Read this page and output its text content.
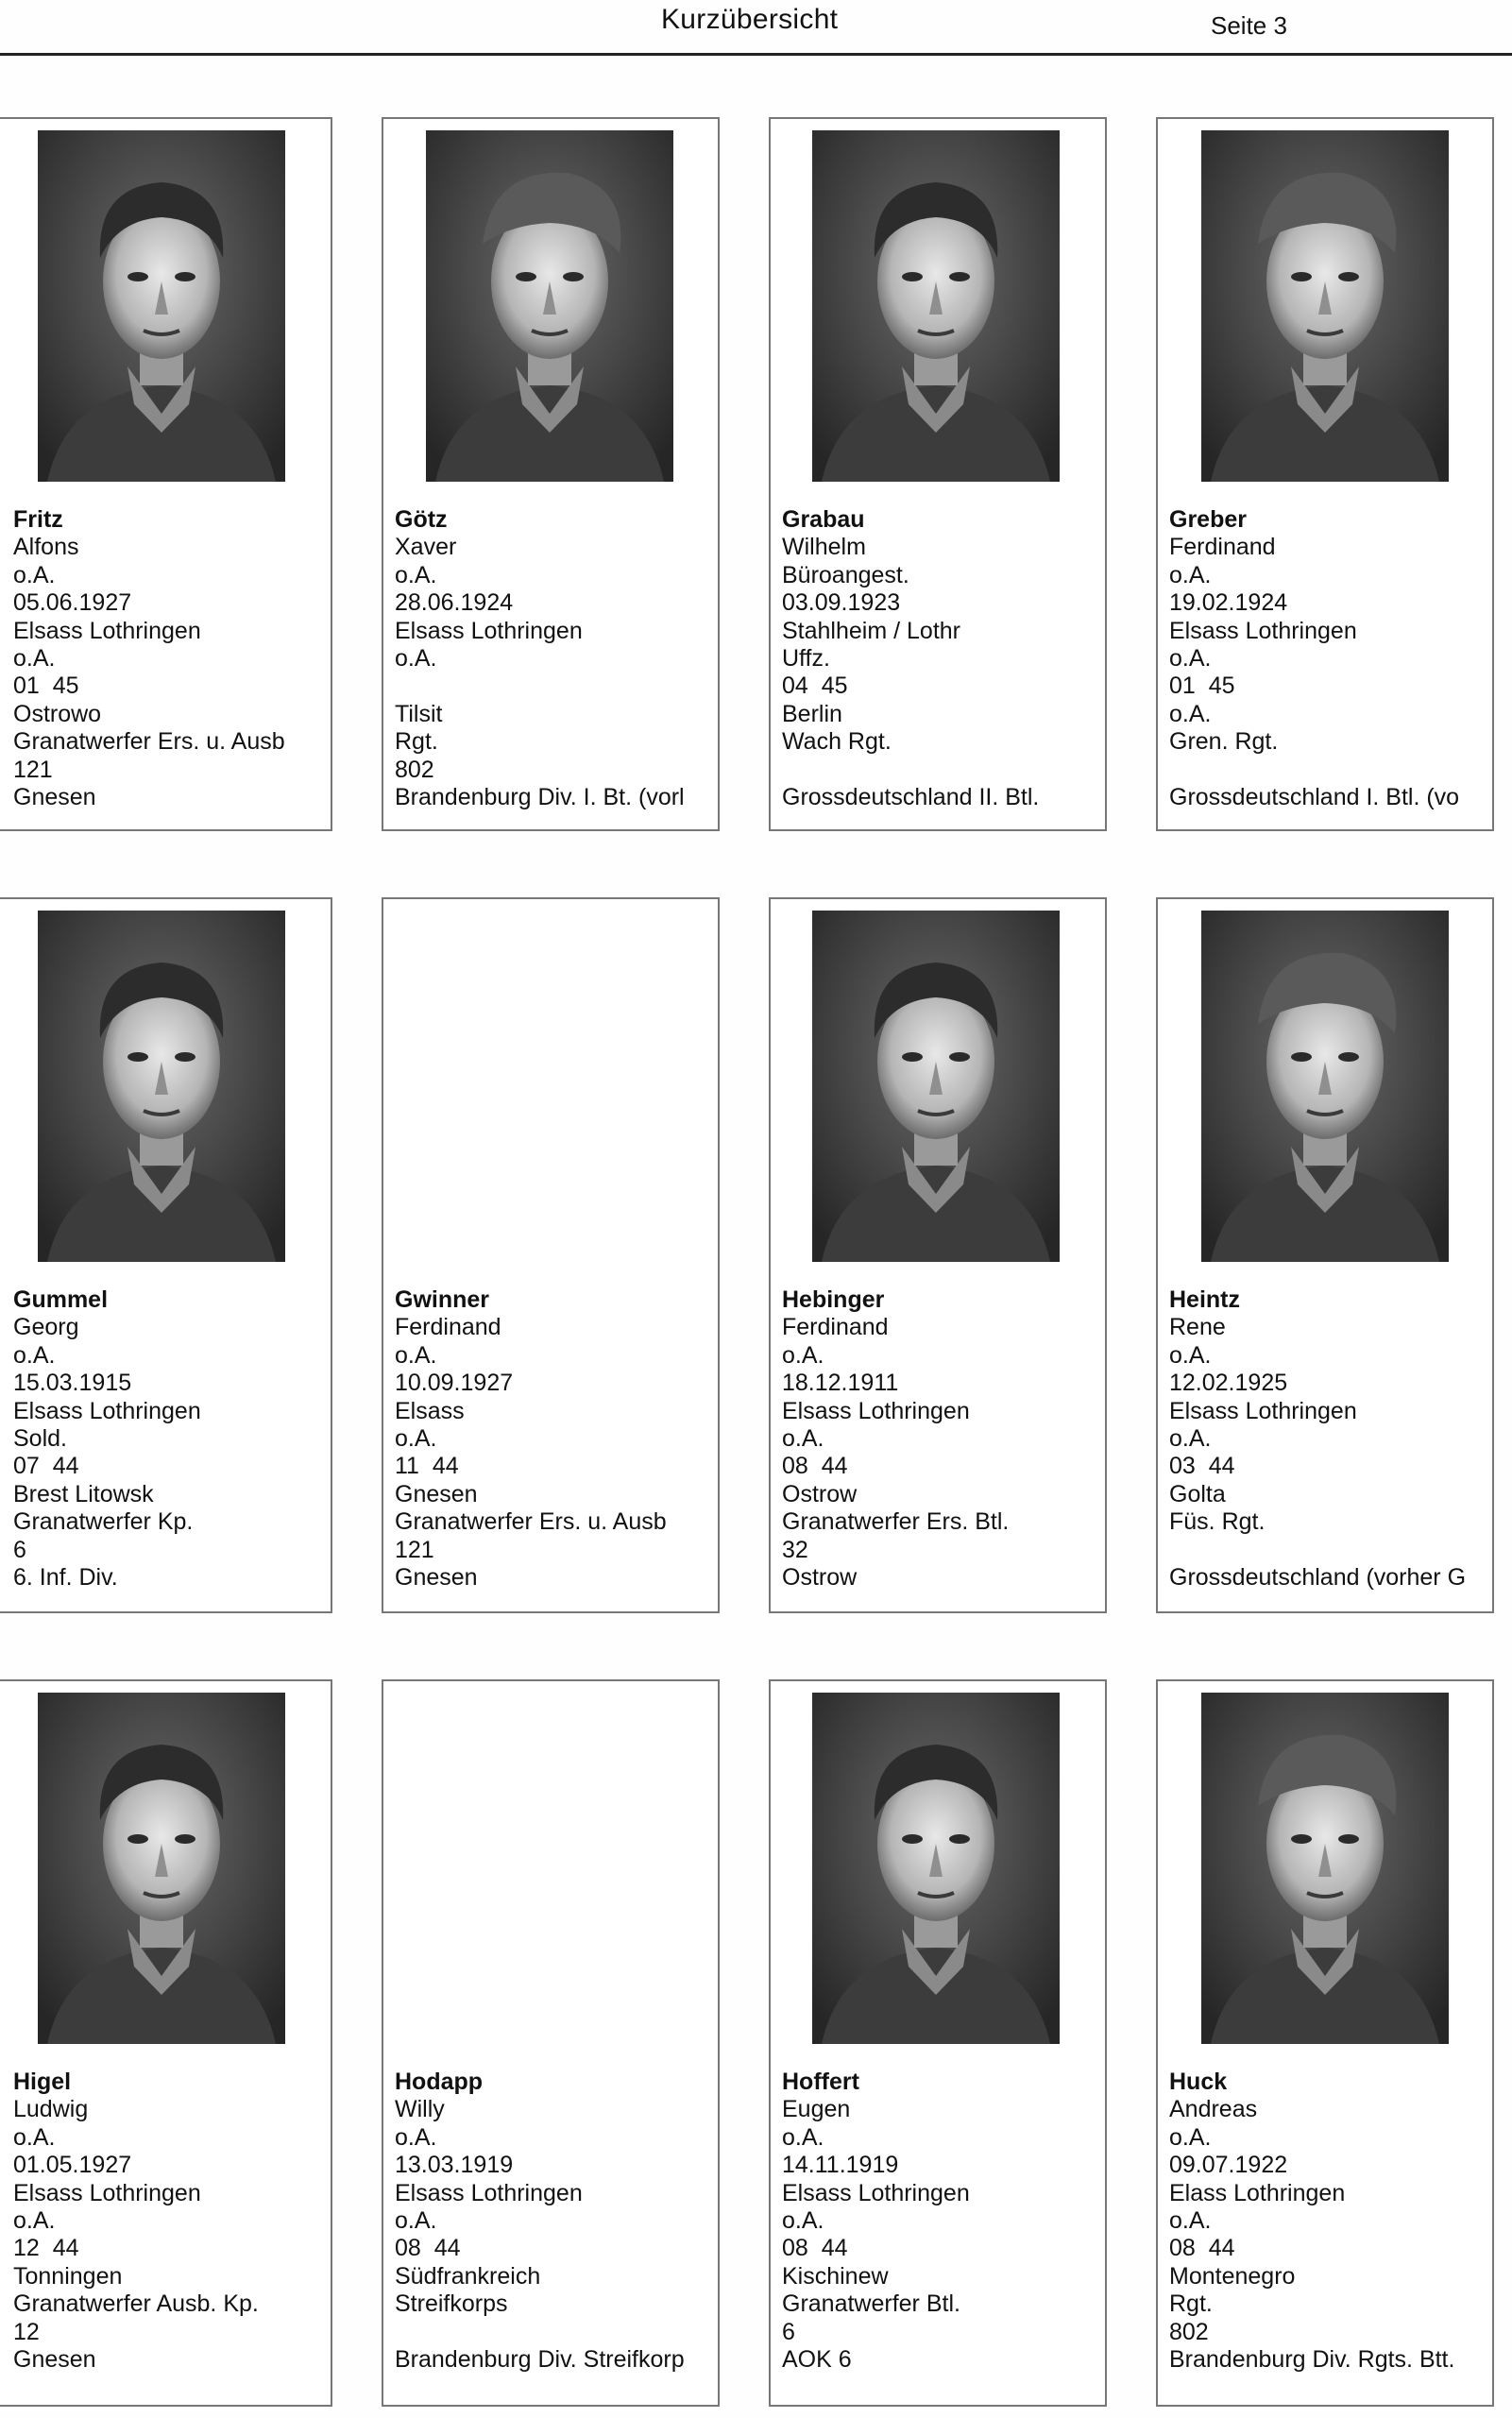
Kurzübersicht	Seite 3
Fritz
Alfons
o.A.
05.06.1927
Elsass Lothringen
o.A.
01  45
Ostrowo
Granatwerfer Ers. u. Ausb
121
Gnesen
Götz
Xaver
o.A.
28.06.1924
Elsass Lothringen
o.A.
Tilsit
Rgt.
802
Brandenburg Div. I. Bt. (vorl
Grabau
Wilhelm
Büroangest.
03.09.1923
Stahlheim / Lothr
Uffz.
04  45
Berlin
Wach Rgt.
Grossdeutschland II. Btl.
Greber
Ferdinand
o.A.
19.02.1924
Elsass Lothringen
o.A.
01  45
o.A.
Gren. Rgt.
Grossdeutschland I. Btl. (vo
Gummel
Georg
o.A.
15.03.1915
Elsass Lothringen
Sold.
07  44
Brest Litowsk
Granatwerfer Kp.
6
6. Inf. Div.
Gwinner
Ferdinand
o.A.
10.09.1927
Elsass
o.A.
11  44
Gnesen
Granatwerfer Ers. u. Ausb
121
Gnesen
Hebinger
Ferdinand
o.A.
18.12.1911
Elsass Lothringen
o.A.
08  44
Ostrow
Granatwerfer Ers. Btl.
32
Ostrow
Heintz
Rene
o.A.
12.02.1925
Elsass Lothringen
o.A.
03  44
Golta
Füs. Rgt.
Grossdeutschland (vorher G
Higel
Ludwig
o.A.
01.05.1927
Elsass Lothringen
o.A.
12  44
Tonningen
Granatwerfer Ausb. Kp.
12
Gnesen
Hodapp
Willy
o.A.
13.03.1919
Elsass Lothringen
o.A.
08  44
Südfrankreich
Streifkorps
Brandenburg Div. Streifkorp
Hoffert
Eugen
o.A.
14.11.1919
Elsass Lothringen
o.A.
08  44
Kischinew
Granatwerfer Btl.
6
AOK 6
Huck
Andreas
o.A.
09.07.1922
Elass Lothringen
o.A.
08  44
Montenegro
Rgt.
802
Brandenburg Div. Rgts. Btt.
